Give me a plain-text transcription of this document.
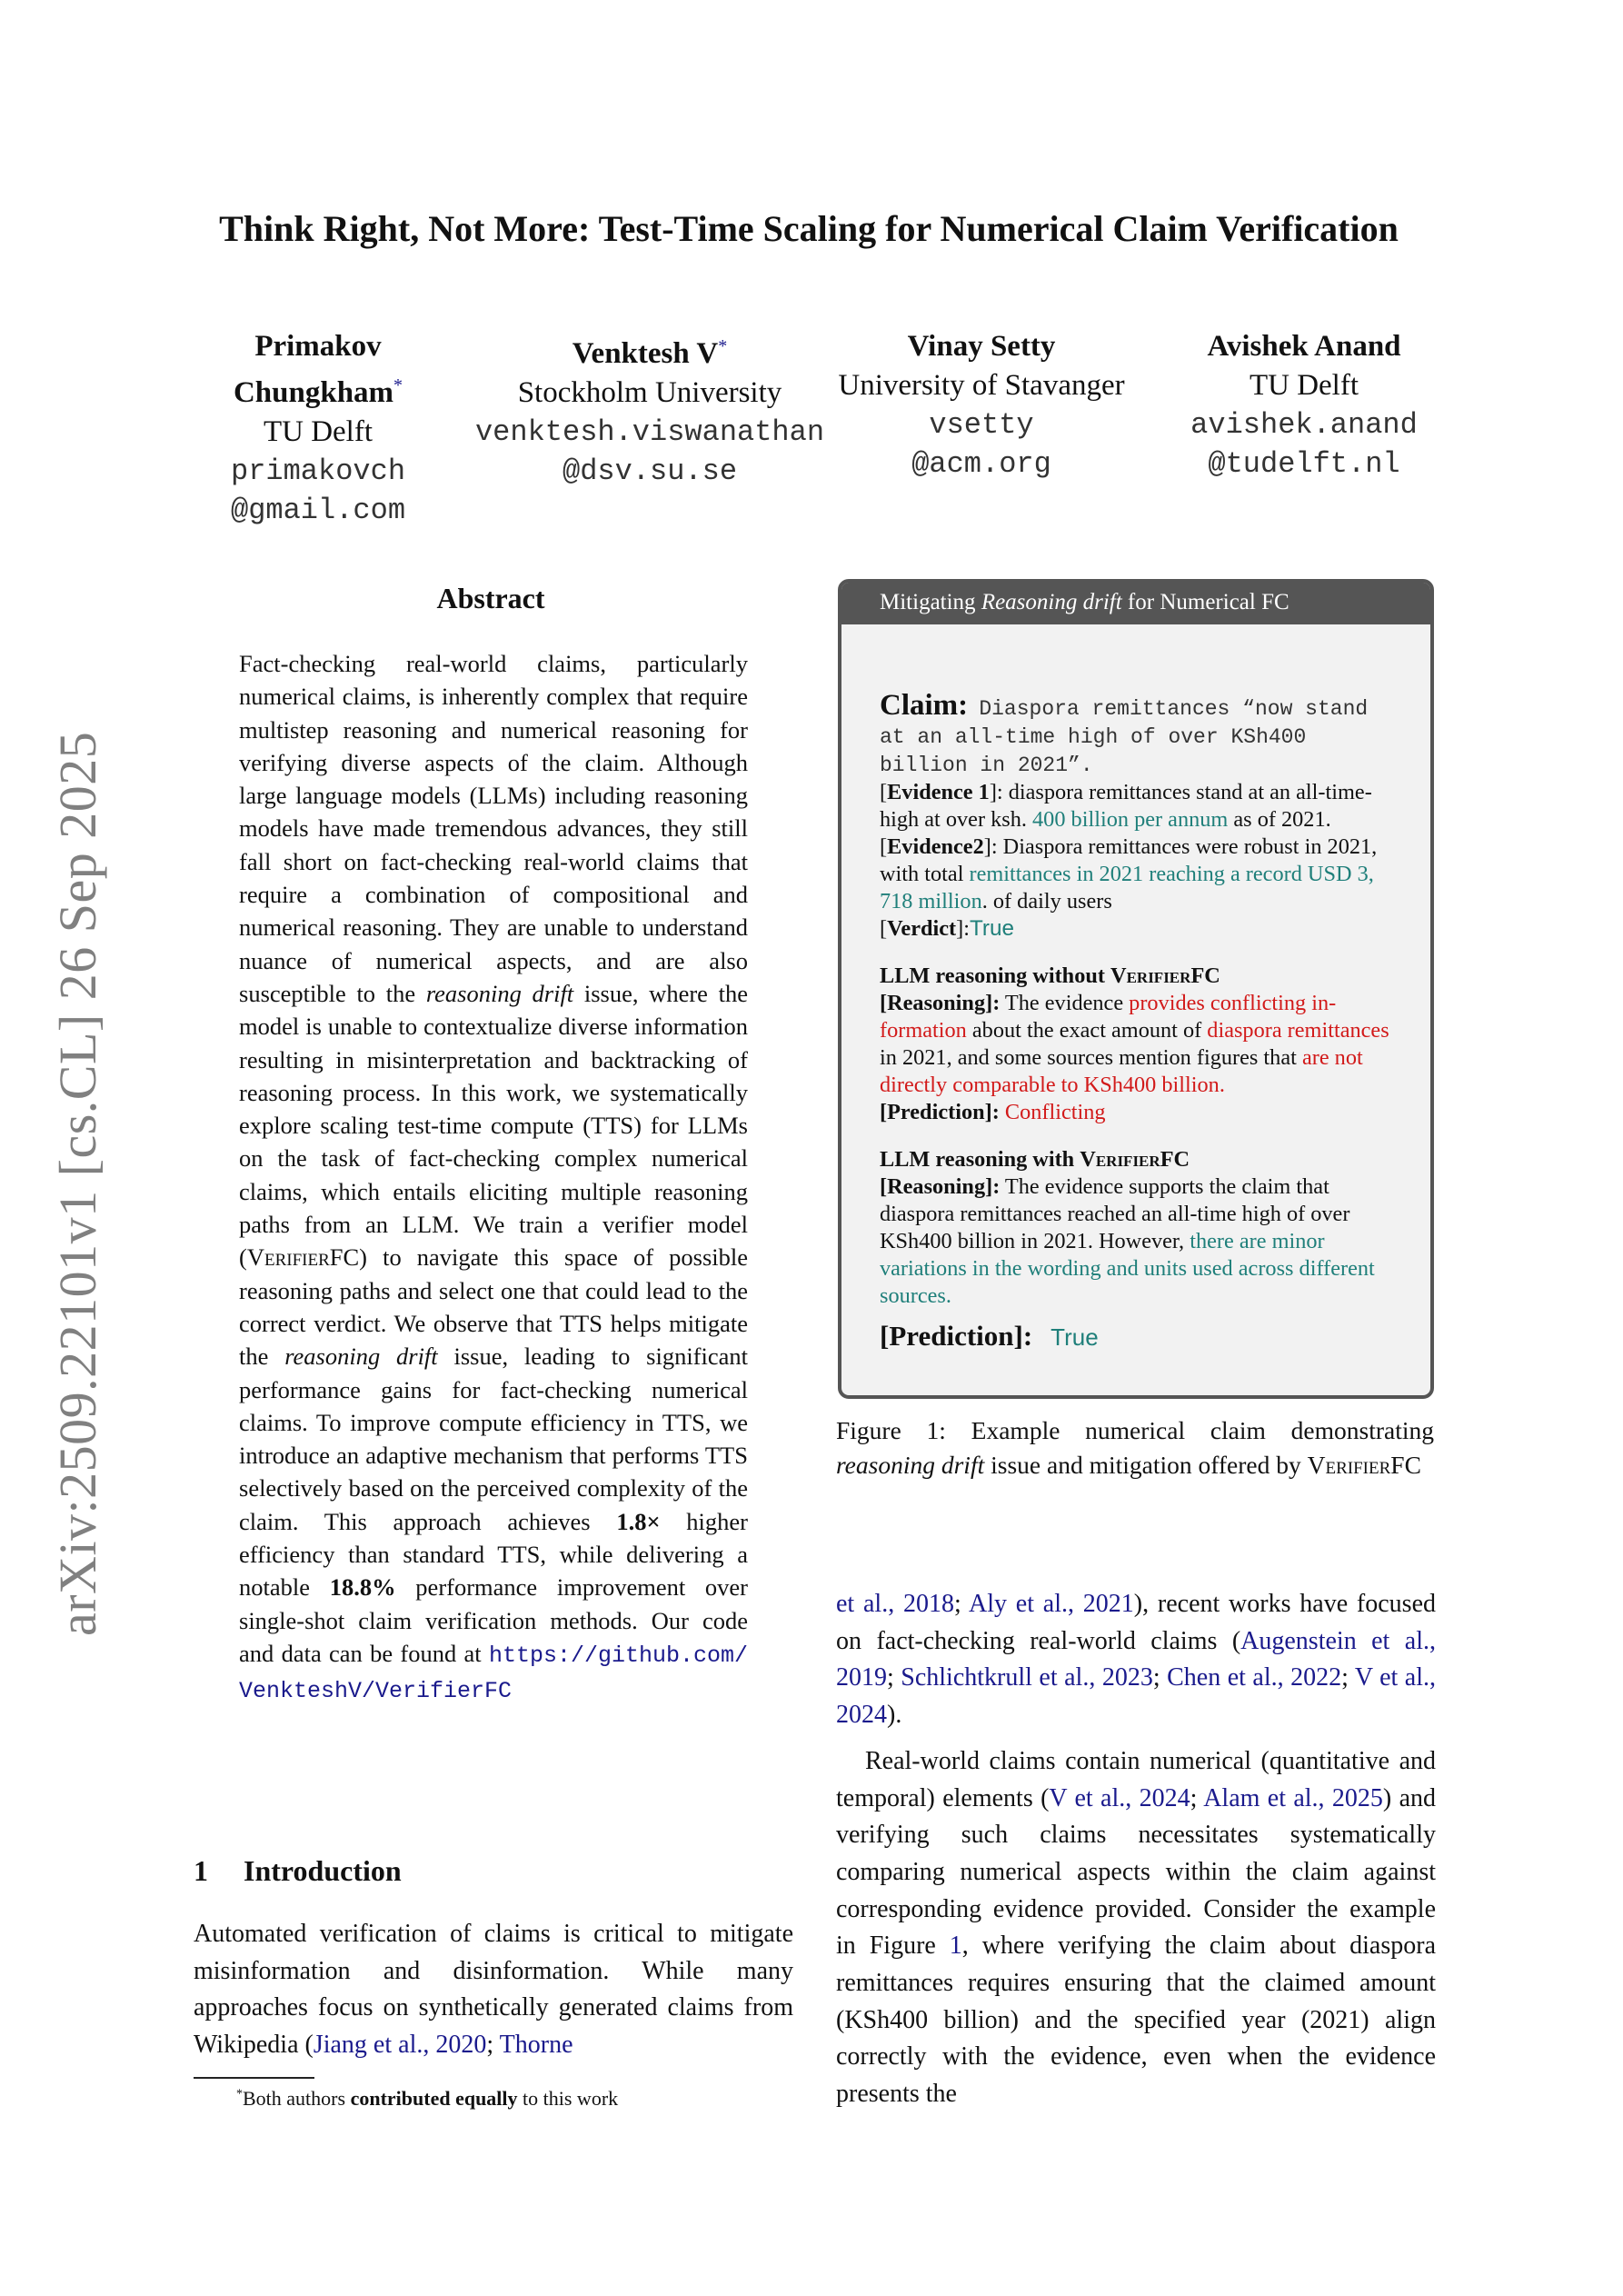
arXiv:2509.22101v1 [cs.CL] 26 Sep 2025
Think Right, Not More: Test-Time Scaling for Numerical Claim Verification
Primakov
Chungkham*
TU Delft
primakovch
@gmail.com
Venktesh V*
Stockholm University
venktesh.viswanathan
@dsv.su.se
Vinay Setty
University of Stavanger
vsetty
@acm.org
Avishek Anand
TU Delft
avishek.anand
@tudelft.nl
Abstract
Fact-checking real-world claims, particularly numerical claims, is inherently complex that require multistep reasoning and numerical reasoning for verifying diverse aspects of the claim. Although large language models (LLMs) including reasoning models have made tremendous advances, they still fall short on fact-checking real-world claims that require a combination of compositional and numerical reasoning. They are unable to understand nuance of numerical aspects, and are also susceptible to the reasoning drift issue, where the model is unable to contextualize diverse information resulting in misinterpretation and backtracking of reasoning process. In this work, we systematically explore scaling test-time compute (TTS) for LLMs on the task of fact-checking complex numerical claims, which entails eliciting multiple reasoning paths from an LLM. We train a verifier model (VerifierFC) to navigate this space of possible reasoning paths and select one that could lead to the correct verdict. We observe that TTS helps mitigate the reasoning drift issue, leading to significant performance gains for fact-checking numerical claims. To improve compute efficiency in TTS, we introduce an adaptive mechanism that performs TTS selectively based on the perceived complexity of the claim. This approach achieves 1.8× higher efficiency than standard TTS, while delivering a notable 18.8% performance improvement over single-shot claim verification methods. Our code and data can be found at https://github.com/VenkteshV/VerifierFC
1 Introduction
Automated verification of claims is critical to mitigate misinformation and disinformation. While many approaches focus on synthetically generated claims from Wikipedia (Jiang et al., 2020; Thorne
*Both authors contributed equally to this work
Mitigating Reasoning drift for Numerical FC
Claim: Diaspora remittances “now stand at an all-time high of over KSh400 billion in 2021”.
[Evidence 1]: diaspora remittances stand at an all-time-high at over ksh. 400 billion per annum as of 2021.
[Evidence2]: Diaspora remittances were robust in 2021, with total remittances in 2021 reaching a record USD 3, 718 million. of daily users
[Verdict]:True
LLM reasoning without VerifierFC
[Reasoning]: The evidence provides conflicting information about the exact amount of diaspora remittances in 2021, and some sources mention figures that are not directly comparable to KSh400 billion.
[Prediction]: Conflicting
LLM reasoning with VerifierFC
[Reasoning]: The evidence supports the claim that diaspora remittances reached an all-time high of over KSh400 billion in 2021. However, there are minor variations in the wording and units used across different sources.
[Prediction]: True
Figure 1: Example numerical claim demonstrating reasoning drift issue and mitigation offered by VerifierFC

et al., 2018; Aly et al., 2021), recent works have focused on fact-checking real-world claims (Augenstein et al., 2019; Schlichtkrull et al., 2023; Chen et al., 2022; V et al., 2024).

Real-world claims contain numerical (quantitative and temporal) elements (V et al., 2024; Alam et al., 2025) and verifying such claims necessitates systematically comparing numerical aspects within the claim against corresponding evidence provided. Consider the example in Figure 1, where verifying the claim about diaspora remittances requires ensuring that the claimed amount (KSh400 billion) and the specified year (2021) align correctly with the evidence, even when the evidence presents the
